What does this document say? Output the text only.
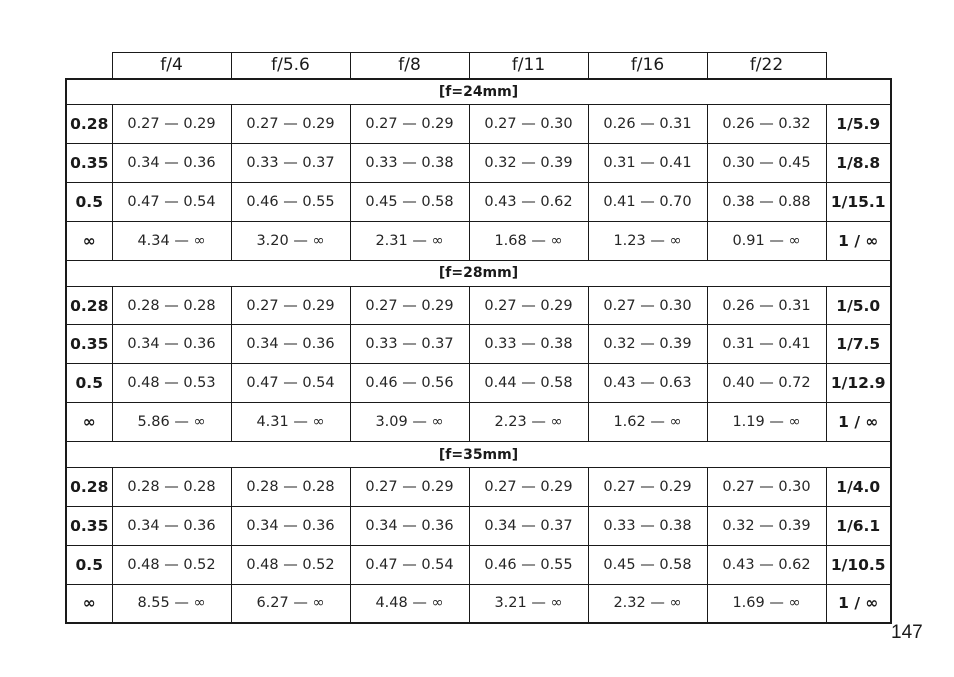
	f/4	f/5.6	f/8	f/11	f/16	f/22	
[f=24mm]							
0.28	0.27 — 0.29	0.27 — 0.29	0.27 — 0.29	0.27 — 0.30	0.26 — 0.31	0.26 — 0.32	1/5.9
0.35	0.34 — 0.36	0.33 — 0.37	0.33 — 0.38	0.32 — 0.39	0.31 — 0.41	0.30 — 0.45	1/8.8
0.5	0.47 — 0.54	0.46 — 0.55	0.45 — 0.58	0.43 — 0.62	0.41 — 0.70	0.38 — 0.88	1/15.1
∞	4.34 — ∞	3.20 — ∞	2.31 — ∞	1.68 — ∞	1.23 — ∞	0.91 — ∞	1 / ∞
[f=28mm]							
0.28	0.28 — 0.28	0.27 — 0.29	0.27 — 0.29	0.27 — 0.29	0.27 — 0.30	0.26 — 0.31	1/5.0
0.35	0.34 — 0.36	0.34 — 0.36	0.33 — 0.37	0.33 — 0.38	0.32 — 0.39	0.31 — 0.41	1/7.5
0.5	0.48 — 0.53	0.47 — 0.54	0.46 — 0.56	0.44 — 0.58	0.43 — 0.63	0.40 — 0.72	1/12.9
∞	5.86 — ∞	4.31 — ∞	3.09 — ∞	2.23 — ∞	1.62 — ∞	1.19 — ∞	1 / ∞
[f=35mm]							
0.28	0.28 — 0.28	0.28 — 0.28	0.27 — 0.29	0.27 — 0.29	0.27 — 0.29	0.27 — 0.30	1/4.0
0.35	0.34 — 0.36	0.34 — 0.36	0.34 — 0.36	0.34 — 0.37	0.33 — 0.38	0.32 — 0.39	1/6.1
0.5	0.48 — 0.52	0.48 — 0.52	0.47 — 0.54	0.46 — 0.55	0.45 — 0.58	0.43 — 0.62	1/10.5
∞	8.55 — ∞	6.27 — ∞	4.48 — ∞	3.21 — ∞	2.32 — ∞	1.69 — ∞	1 / ∞
147
